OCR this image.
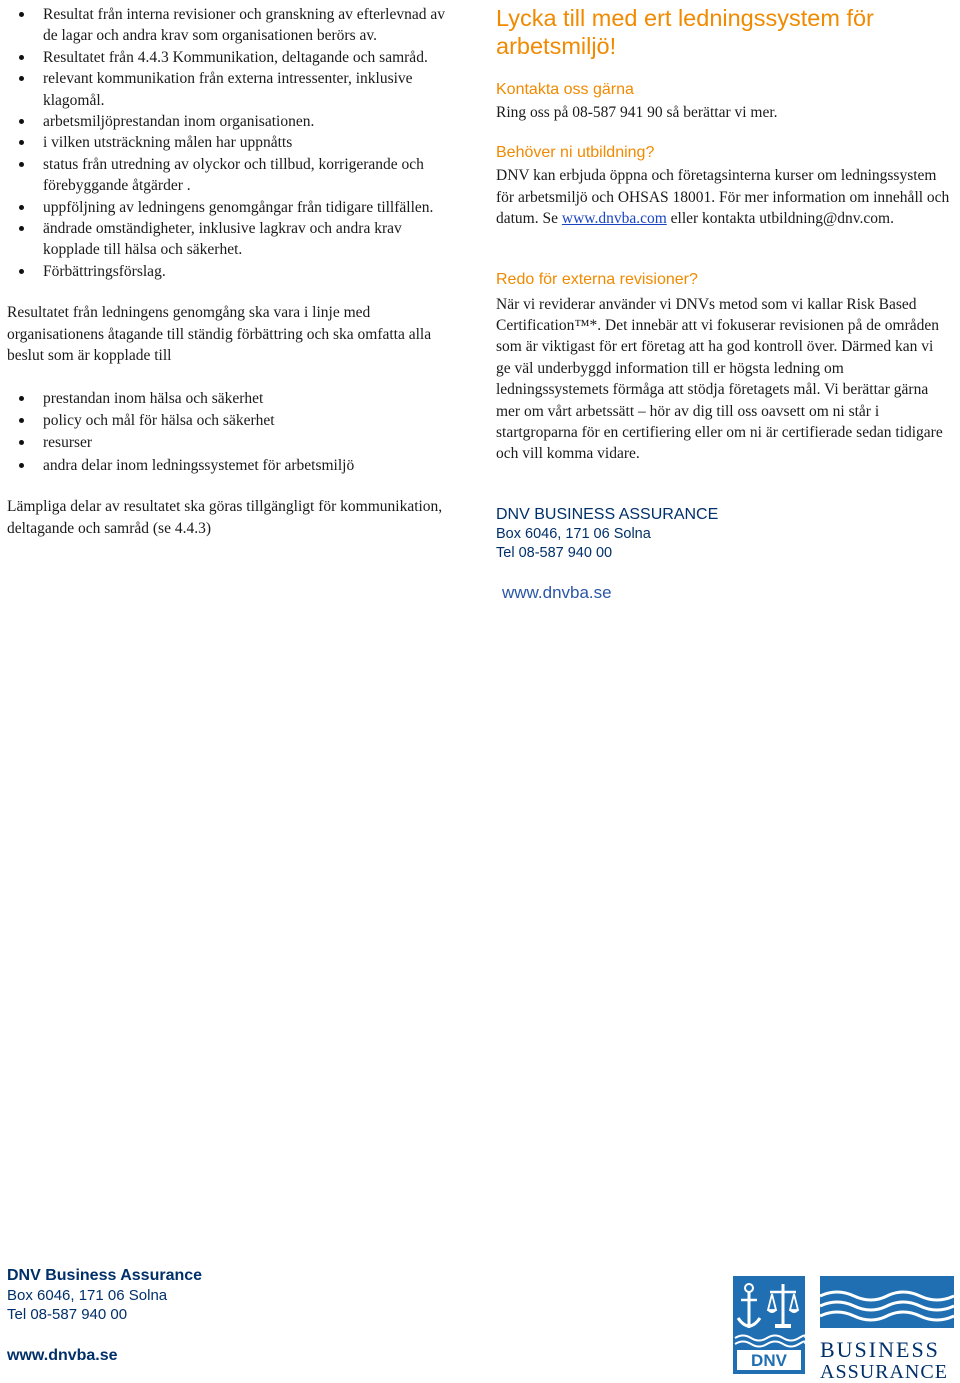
Resultat från interna revisioner och granskning av efterlevnad av de lagar och andra krav som organisationen berörs av.
Resultatet från 4.4.3 Kommunikation, deltagande och samråd.
relevant kommunikation från externa intressenter, inklusive klagomål.
arbetsmiljöprestandan inom organisationen.
i vilken utsträckning målen har uppnåtts
status från utredning av olyckor och tillbud, korrigerande och förebyggande åtgärder .
uppföljning av ledningens genomgångar från tidigare tillfällen.
ändrade omständigheter, inklusive lagkrav och andra krav kopplade till hälsa och säkerhet.
Förbättringsförslag.

Resultatet från ledningens genomgång ska vara i linje med organisationens åtagande till ständig förbättring och ska omfatta alla beslut som är kopplade till

prestandan inom hälsa och säkerhet
policy och mål för hälsa och säkerhet
resurser
andra delar inom ledningssystemet för arbetsmiljö

Lämpliga delar av resultatet ska göras tillgängligt för kommunikation, deltagande och samråd (se 4.4.3)

Lycka till med ert ledningssystem för arbetsmiljö!
Kontakta oss gärna

Ring oss på 08-587 941 90 så berättar vi mer.

Behöver ni utbildning?

DNV kan erbjuda öppna och företagsinterna kurser om ledningssystem för arbetsmiljö och OHSAS 18001. För mer information om innehåll och datum. Se www.dnvba.com eller kontakta utbildning@dnv.com.

Redo för externa revisioner?

När vi reviderar använder vi DNVs metod som vi kallar Risk Based Certification™*. Det innebär att vi fokuserar revisionen på de områden som är viktigast för ert företag att ha god kontroll över. Därmed kan vi ge väl underbyggd information till er högsta ledning om ledningssystemets förmåga att stödja företagets mål. Vi berättar gärna mer om vårt arbetssätt – hör av dig till oss oavsett om ni står i startgroparna för en certifiering eller om ni är certifierade sedan tidigare och vill komma vidare.

DNV BUSINESS ASSURANCE
Box 6046, 171 06 Solna
Tel 08-587 940 00
www.dnvba.se
DNV Business Assurance
Box 6046, 171 06 Solna
Tel 08-587 940 00
www.dnvba.se	DNV	BUSINESS
ASSURANCE
